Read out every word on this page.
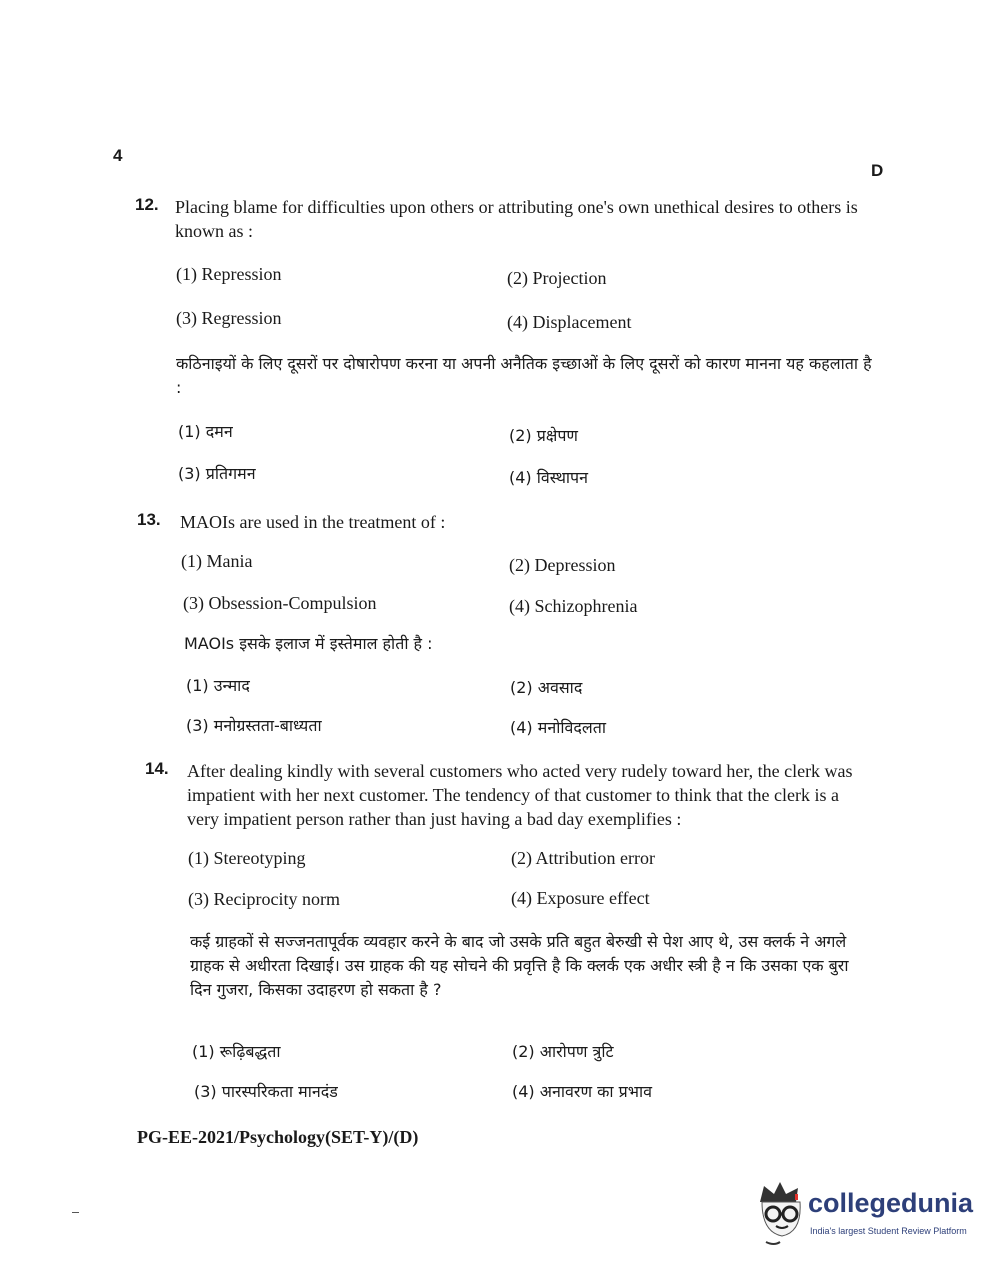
4
D
12. Placing blame for difficulties upon others or attributing one's own unethical desires to others is known as :
(1) Repression	(2) Projection
(3) Regression	(4) Displacement
कठिनाइयों के लिए दूसरों पर दोषारोपण करना या अपनी अनैतिक इच्छाओं के लिए दूसरों को कारण मानना यह कहलाता है :
(1) दमन	(2) प्रक्षेपण
(3) प्रतिगमन	(4) विस्थापन
13. MAOIs are used in the treatment of :
(1) Mania	(2) Depression
(3) Obsession-Compulsion	(4) Schizophrenia
MAOIs इसके इलाज में इस्तेमाल होती है :
(1) उन्माद	(2) अवसाद
(3) मनोग्रस्तता-बाध्यता	(4) मनोविदलता
14. After dealing kindly with several customers who acted very rudely toward her, the clerk was impatient with her next customer. The tendency of that customer to think that the clerk is a very impatient person rather than just having a bad day exemplifies :
(1) Stereotyping	(2) Attribution error
(3) Reciprocity norm	(4) Exposure effect
कई ग्राहकों से सज्जनतापूर्वक व्यवहार करने के बाद जो उसके प्रति बहुत बेरुखी से पेश आए थे, उस क्लर्क ने अगले ग्राहक से अधीरता दिखाई। उस ग्राहक की यह सोचने की प्रवृत्ति है कि क्लर्क एक अधीर स्त्री है न कि उसका एक बुरा दिन गुजरा, किसका उदाहरण हो सकता है ?
(1) रूढ़िबद्धता	(2) आरोपण त्रुटि
(3) पारस्परिकता मानदंड	(4) अनावरण का प्रभाव
PG-EE-2021/Psychology(SET-Y)/(D)
collegedunia
India's largest Student Review Platform
